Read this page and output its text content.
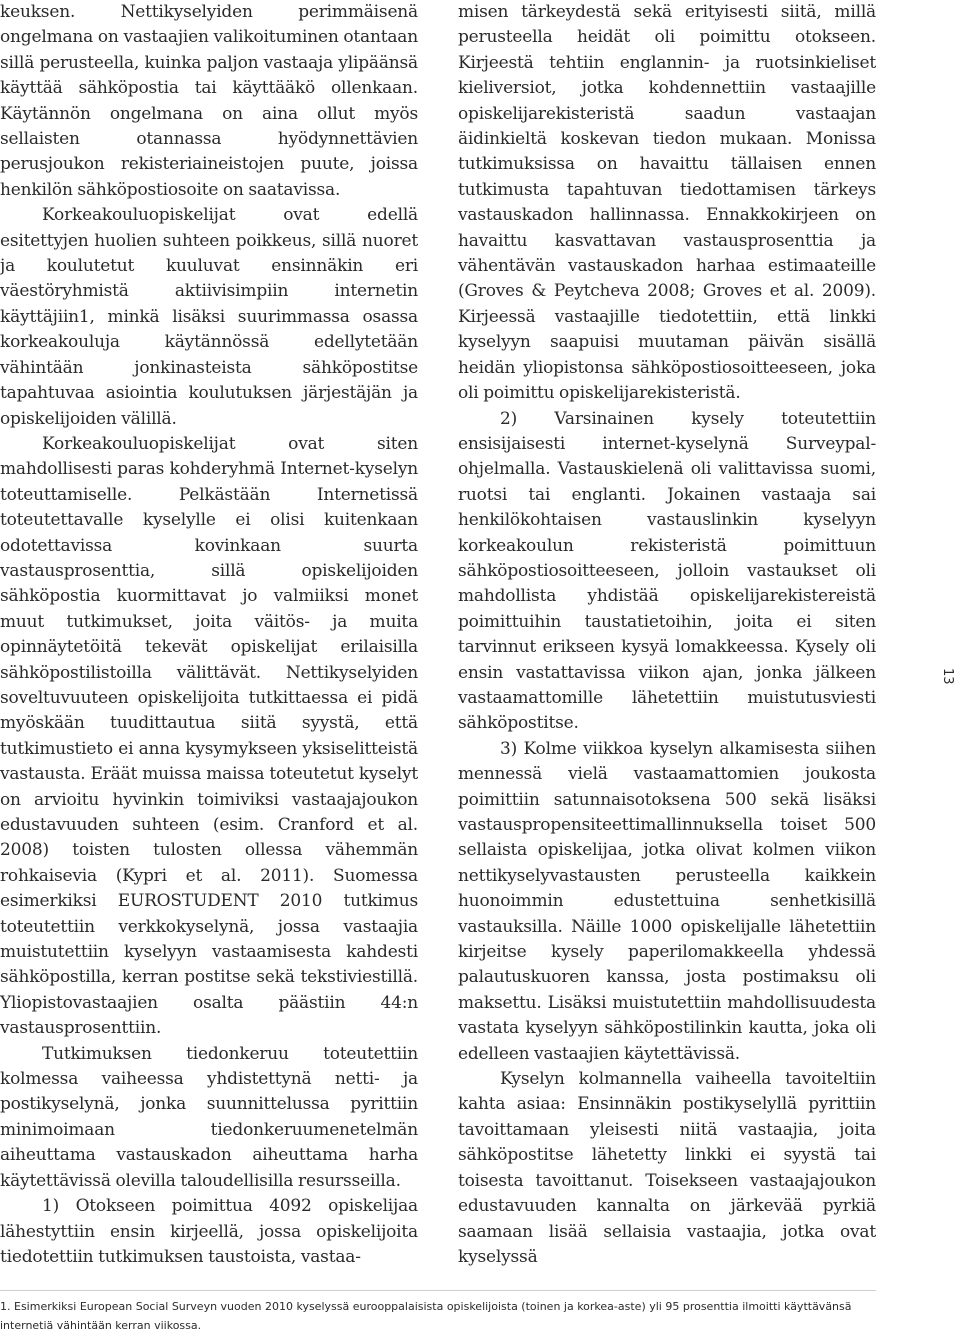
keuksen. Nettikyselyiden perimmäisenä ongelmana on vastaajien valikoituminen otantaan sillä perusteella, kuinka paljon vastaaja ylipäänsä käyttää sähköpostia tai käyttääkö ollenkaan. Käytännön ongelmana on aina ollut myös sellaisten otannassa hyödynnettävien perusjoukon rekisteriaineistojen puute, joissa henkilön sähköpostiosoite on saatavissa.

Korkeakouluopiskelijat ovat edellä esitettyjen huolien suhteen poikkeus, sillä nuoret ja koulutetut kuuluvat ensinnäkin eri väestöryhmistä aktiivisimpiin internetin käyttäjiin1, minkä lisäksi suurimmassa osassa korkeakouluja käytännössä edellytetään vähintään jonkinasteista sähköpostitse tapahtuvaa asiointia koulutuksen järjestäjän ja opiskelijoiden välillä.

Korkeakouluopiskelijat ovat siten mahdollisesti paras kohderyhmä Internet-kyselyn toteuttamiselle. Pelkästään Internetissä toteutettavalle kyselylle ei olisi kuitenkaan odotettavissa kovinkaan suurta vastausprosenttia, sillä opiskelijoiden sähköpostia kuormittavat jo valmiiksi monet muut tutkimukset, joita väitös- ja muita opinnäytetöitä tekevät opiskelijat erilaisilla sähköpostilistoilla välittävät. Nettikyselyiden soveltuvuuteen opiskelijoita tutkittaessa ei pidä myöskään tuudittautua siitä syystä, että tutkimustieto ei anna kysymykseen yksiselitteistä vastausta. Eräät muissa maissa toteutetut kyselyt on arvioitu hyvinkin toimiviksi vastaajajoukon edustavuuden suhteen (esim. Cranford et al. 2008) toisten tulosten ollessa vähemmän rohkaisevia (Kypri et al. 2011). Suomessa esimerkiksi EUROSTUDENT 2010 tutkimus toteutettiin verkkokyselynä, jossa vastaajia muistutettiin kyselyyn vastaamisesta kahdesti sähköpostilla, kerran postitse sekä tekstiviestillä. Yliopistovastaajien osalta päästiin 44:n vastausprosenttiin.

Tutkimuksen tiedonkeruu toteutettiin kolmessa vaiheessa yhdistettynä netti- ja postikyselynä, jonka suunnittelussa pyrittiin minimoimaan tiedonkeruumenetelmän aiheuttama vastauskadon aiheuttama harha käytettävissä olevilla taloudellisilla resursseilla.

1) Otokseen poimittua 4092 opiskelijaa lähestyttiin ensin kirjeellä, jossa opiskelijoita tiedotettiin tutkimuksen taustoista, vastaa-

misen tärkeydestä sekä erityisesti siitä, millä perusteella heidät oli poimittu otokseen. Kirjeestä tehtiin englannin- ja ruotsinkieliset kieliversiot, jotka kohdennettiin vastaajille opiskelijarekisteristä saadun vastaajan äidinkieltä koskevan tiedon mukaan. Monissa tutkimuksissa on havaittu tällaisen ennen tutkimusta tapahtuvan tiedottamisen tärkeys vastauskadon hallinnassa. Ennakkokirjeen on havaittu kasvattavan vastausprosenttia ja vähentävän vastauskadon harhaa estimaateille (Groves & Peytcheva 2008; Groves et al. 2009). Kirjeessä vastaajille tiedotettiin, että linkki kyselyyn saapuisi muutaman päivän sisällä heidän yliopistonsa sähköpostiosoitteeseen, joka oli poimittu opiskelijarekisteristä.

2) Varsinainen kysely toteutettiin ensisijaisesti internet-kyselynä Surveypal-ohjelmalla. Vastauskielenä oli valittavissa suomi, ruotsi tai englanti. Jokainen vastaaja sai henkilökohtaisen vastauslinkin kyselyyn korkeakoulun rekisteristä poimittuun sähköpostiosoitteeseen, jolloin vastaukset oli mahdollista yhdistää opiskelijarekistereistä poimittuihin taustatietoihin, joita ei siten tarvinnut erikseen kysyä lomakkeessa. Kysely oli ensin vastattavissa viikon ajan, jonka jälkeen vastaamattomille lähetettiin muistutusviesti sähköpostitse.

3) Kolme viikkoa kyselyn alkamisesta siihen mennessä vielä vastaamattomien joukosta poimittiin satunnaisotoksena 500 sekä lisäksi vastauspropensiteettimallinnuksella toiset 500 sellaista opiskelijaa, jotka olivat kolmen viikon nettikyselyvastausten perusteella kaikkein huonoimmin edustettuina senhetkisillä vastauksilla. Näille 1000 opiskelijalle lähetettiin kirjeitse kysely paperilomakkeella yhdessä palautuskuoren kanssa, josta postimaksu oli maksettu. Lisäksi muistutettiin mahdollisuudesta vastata kyselyyn sähköpostilinkin kautta, joka oli edelleen vastaajien käytettävissä.

Kyselyn kolmannella vaiheella tavoiteltiin kahta asiaa: Ensinnäkin postikyselyllä pyrittiin tavoittamaan yleisesti niitä vastaajia, joita sähköpostitse lähetetty linkki ei syystä tai toisesta tavoittanut. Toisekseen vastaajajoukon edustavuuden kannalta on järkevää pyrkiä saamaan lisää sellaisia vastaajia, jotka ovat kyselyssä

13

1. Esimerkiksi European Social Surveyn vuoden 2010 kyselyssä eurooppalaisista opiskelijoista (toinen ja korkea-aste) yli 95 prosenttia ilmoitti käyttävänsä internetiä vähintään kerran viikossa.
